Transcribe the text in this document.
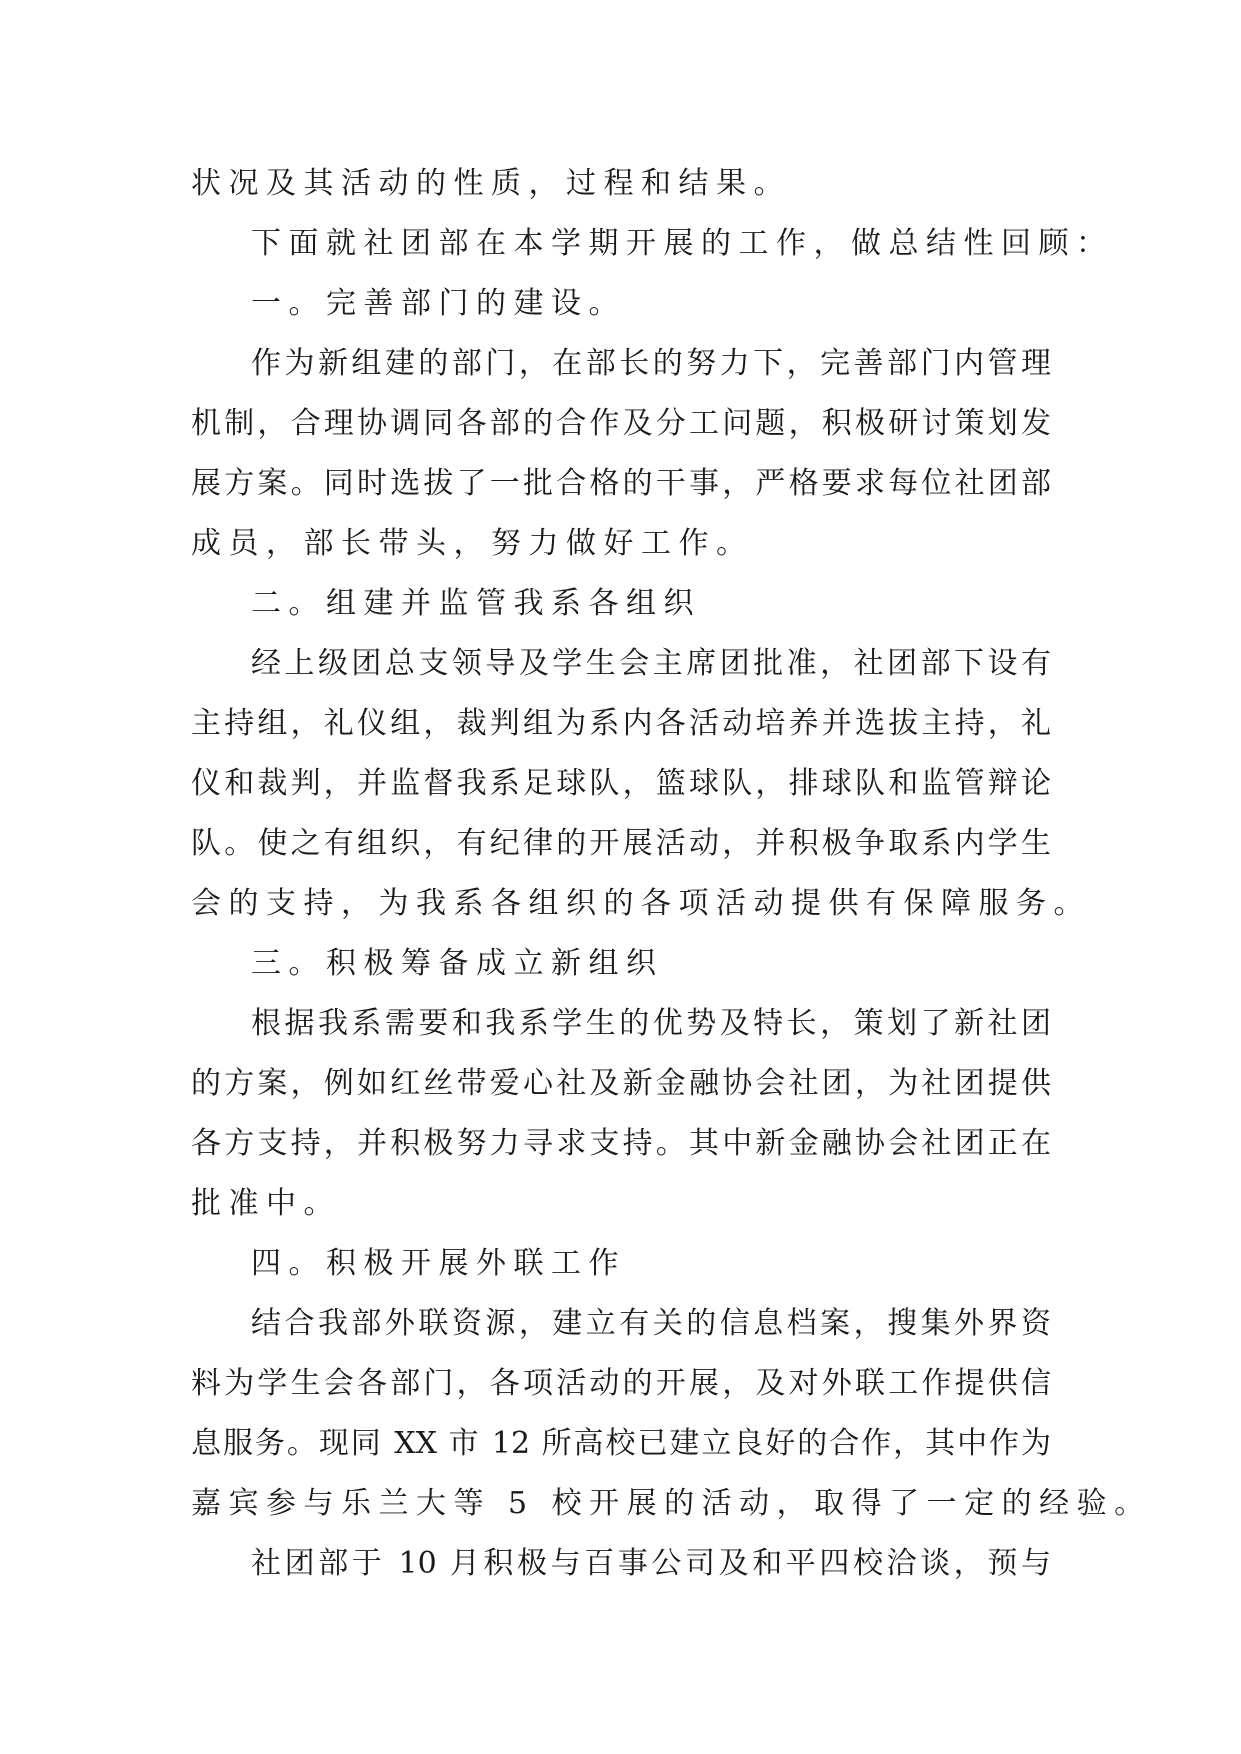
状况及其活动的性质，过程和结果。
下面就社团部在本学期开展的工作，做总结性回顾：
一。完善部门的建设。
作为新组建的部门，在部长的努力下，完善部门内管理
机制，合理协调同各部的合作及分工问题，积极研讨策划发
展方案。同时选拔了一批合格的干事，严格要求每位社团部
成员，部长带头，努力做好工作。
二。组建并监管我系各组织
经上级团总支领导及学生会主席团批准，社团部下设有
主持组，礼仪组，裁判组为系内各活动培养并选拔主持，礼
仪和裁判，并监督我系足球队，篮球队，排球队和监管辩论
队。使之有组织，有纪律的开展活动，并积极争取系内学生
会的支持，为我系各组织的各项活动提供有保障服务。
三。积极筹备成立新组织
根据我系需要和我系学生的优势及特长，策划了新社团
的方案，例如红丝带爱心社及新金融协会社团，为社团提供
各方支持，并积极努力寻求支持。其中新金融协会社团正在
批准中。
四。积极开展外联工作
结合我部外联资源，建立有关的信息档案，搜集外界资
料为学生会各部门，各项活动的开展，及对外联工作提供信
息服务。现同 XX 市 12 所高校已建立良好的合作，其中作为
嘉宾参与乐兰大等 5 校开展的活动，取得了一定的经验。
社团部于 10 月积极与百事公司及和平四校洽谈，预与
